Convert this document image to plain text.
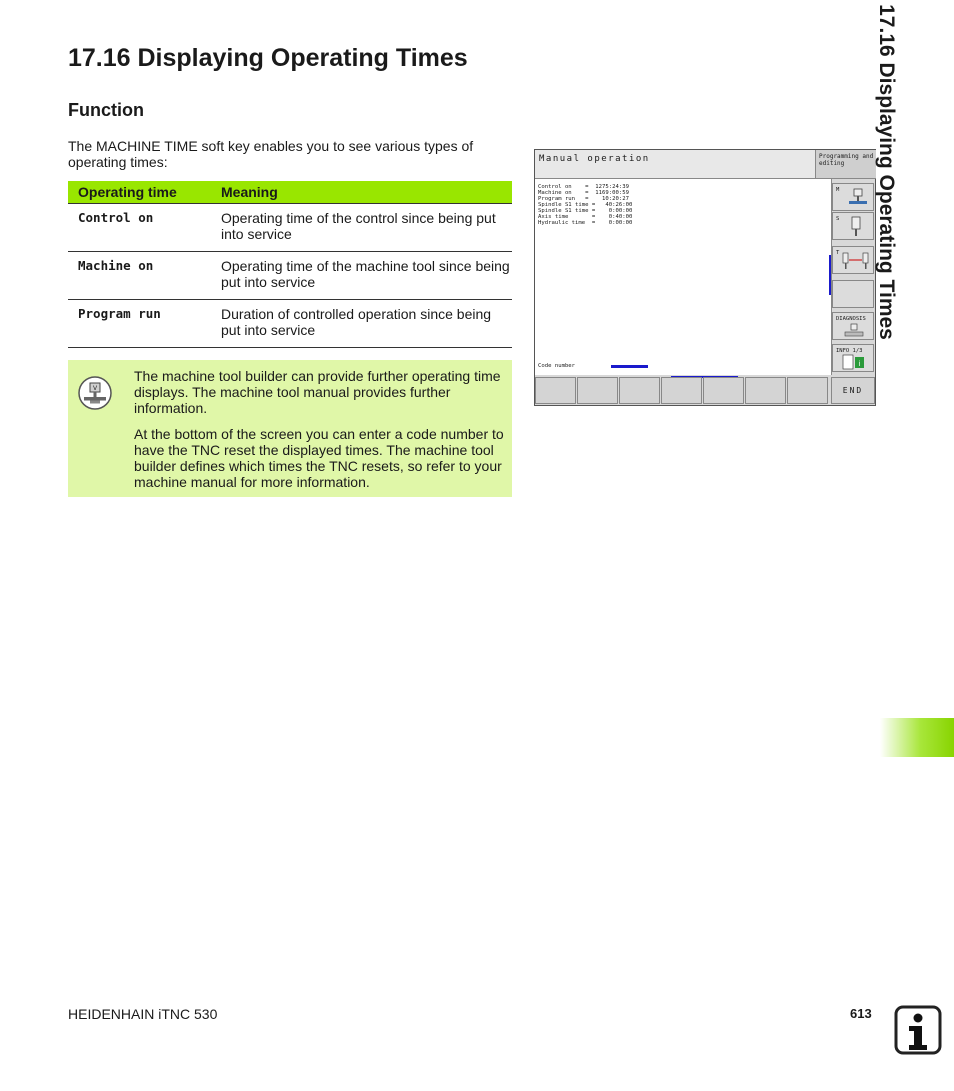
17.16 Displaying Operating Times
Function

The MACHINE TIME soft key enables you to see various types of operating times:

Operating time	Meaning
Control on	Operating time of the control since being put into service
Machine on	Operating time of the machine tool since being put into service
Program run	Duration of controlled operation since being put into service
V

The machine tool builder can provide further operating time displays. The machine tool manual provides further information.

At the bottom of the screen you can enter a code number to have the TNC reset the displayed times. The machine tool builder defines which times the TNC resets, so refer to your machine manual for more information.

Manual operation	Programming and editing
Control on    =  1275:24:39
Machine on    =  1169:00:59
Program run   =    10:20:27
Spindle S1 time =   40:26:00
Spindle S1 time =    0:00:00
Axis time       =    0:40:00
Hydraulic time  =    0:00:00
Code number
M
S
T
DIAGNOSIS
INFO 1/3
i
END
17.16 Displaying Operating Times
HEIDENHAIN iTNC 530	613
